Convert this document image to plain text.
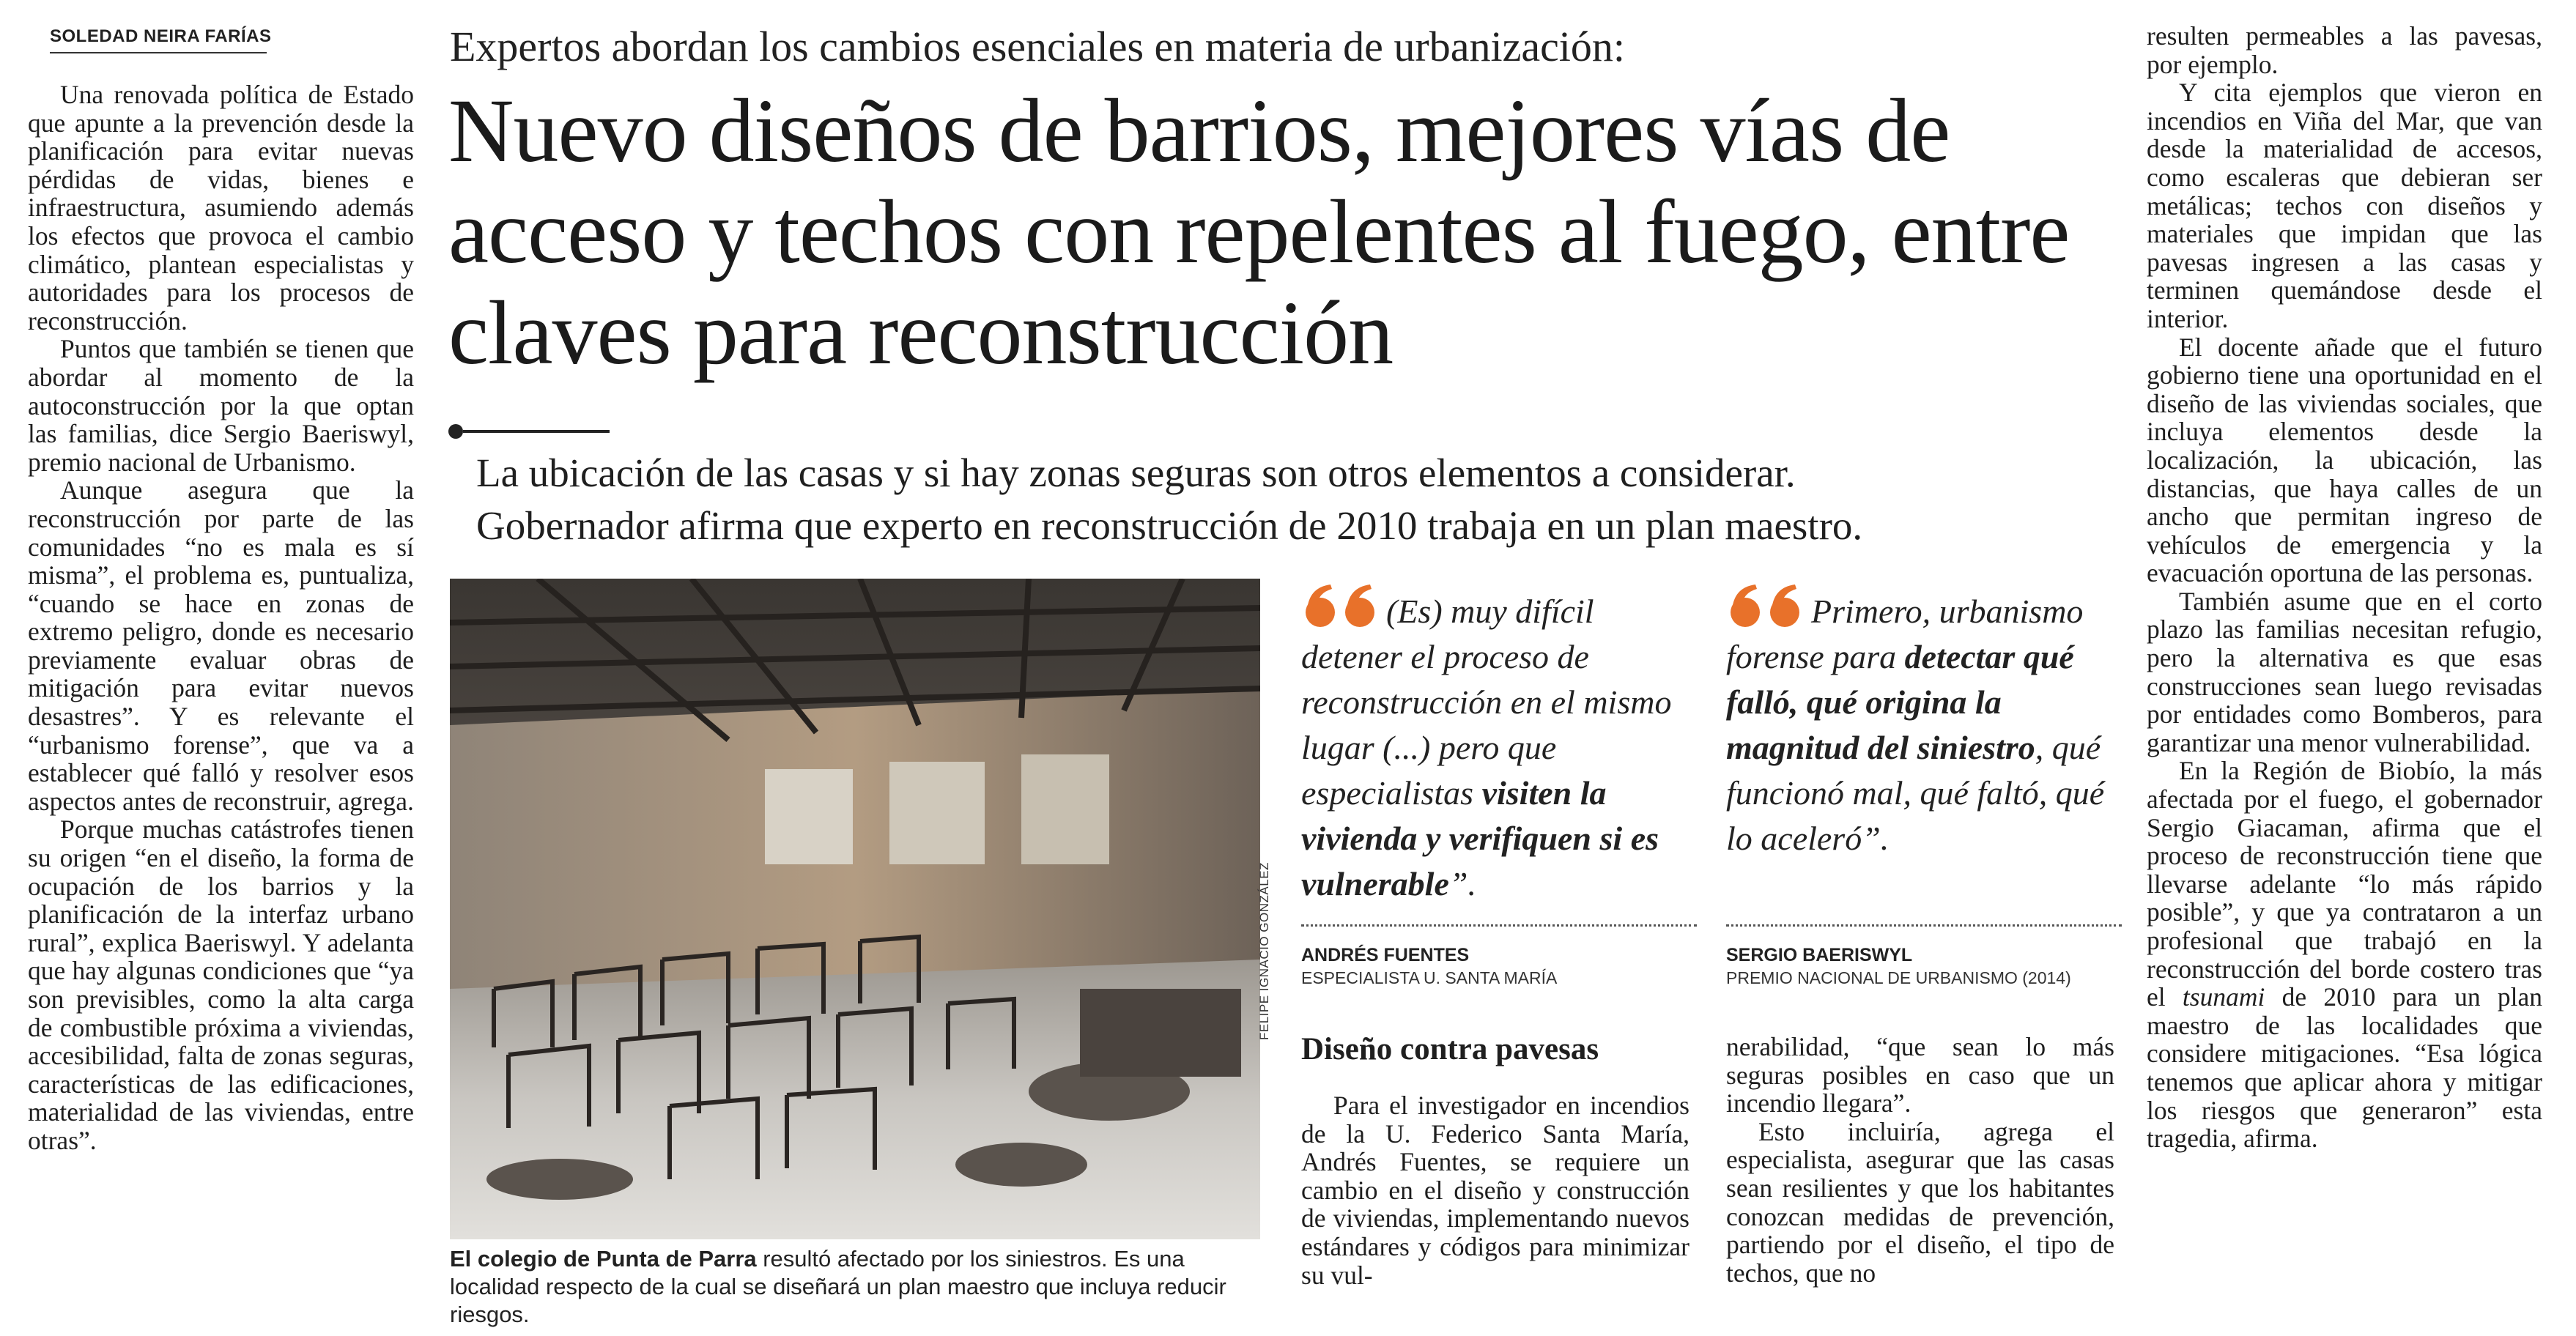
SOLEDAD NEIRA FARÍAS

Una renovada política de Estado que apunte a la prevención desde la planificación para evitar nuevas pérdidas de vidas, bienes e infraestructura, asumiendo además los efectos que provoca el cambio climático, plantean especialistas y autoridades para los procesos de reconstrucción.

Puntos que también se tienen que abordar al momento de la autoconstrucción por la que optan las familias, dice Sergio Baeriswyl, premio nacional de Urbanismo.

Aunque asegura que la reconstrucción por parte de las comunidades “no es mala es sí misma”, el problema es, puntualiza, “cuando se hace en zonas de extremo peligro, donde es necesario previamente evaluar obras de mitigación para evitar nuevos desastres”. Y es relevante el “urbanismo forense”, que va a establecer qué falló y resolver esos aspectos antes de reconstruir, agrega.

Porque muchas catástrofes tienen su origen “en el diseño, la forma de ocupación de los barrios y la planificación de la interfaz urbano rural”, explica Baeriswyl. Y adelanta que hay algunas condiciones que “ya son previsibles, como la alta carga de combustible próxima a viviendas, accesibilidad, falta de zonas seguras, características de las edificaciones, materialidad de las viviendas, entre otras”.

Expertos abordan los cambios esenciales en materia de urbanización:
Nuevo diseños de barrios, mejores vías de acceso y techos con repelentes al fuego, entre claves para reconstrucción
La ubicación de las casas y si hay zonas seguras son otros elementos a considerar.
Gobernador afirma que experto en reconstrucción de 2010 trabaja en un plan maestro.
FELIPE IGNACIO GONZÁLEZ
El colegio de Punta de Parra resultó afectado por los siniestros. Es una localidad respecto de la cual se diseñará un plan maestro que incluya reducir riesgos.
(Es) muy difícil detener el proceso de reconstrucción en el mismo lugar (...) pero que especialistas visiten la vivienda y verifiquen si es vulnerable”.
ANDRÉS FUENTES
ESPECIALISTA U. SANTA MARÍA
Primero, urbanismo forense para detectar qué falló, qué origina la magnitud del siniestro, qué funcionó mal, qué faltó, qué lo aceleró”.
SERGIO BAERISWYL
PREMIO NACIONAL DE URBANISMO (2014)
Diseño contra pavesas

Para el investigador en incendios de la U. Federico Santa María, Andrés Fuentes, se requiere un cambio en el diseño y construcción de viviendas, implementando nuevos estándares y códigos para minimizar su vul-

nerabilidad, “que sean lo más seguras posibles en caso que un incendio llegara”.

Esto incluiría, agrega el especialista, asegurar que las casas sean resilientes y que los habitantes conozcan medidas de prevención, partiendo por el diseño, el tipo de techos, que no

resulten permeables a las pavesas, por ejemplo.

Y cita ejemplos que vieron en incendios en Viña del Mar, que van desde la materialidad de accesos, como escaleras que debieran ser metálicas; techos con diseños y materiales que impidan que las pavesas ingresen a las casas y terminen quemándose desde el interior.

El docente añade que el futuro gobierno tiene una oportunidad en el diseño de las viviendas sociales, que incluya elementos desde la localización, la ubicación, las distancias, que haya calles de un ancho que permitan ingreso de vehículos de emergencia y la evacuación oportuna de las personas.

También asume que en el corto plazo las familias necesitan refugio, pero la alternativa es que esas construcciones sean luego revisadas por entidades como Bomberos, para garantizar una menor vulnerabilidad.

En la Región de Biobío, la más afectada por el fuego, el gobernador Sergio Giacaman, afirma que el proceso de reconstrucción tiene que llevarse adelante “lo más rápido posible”, y que ya contrataron a un profesional que trabajó en la reconstrucción del borde costero tras el tsunami de 2010 para un plan maestro de las localidades que considere mitigaciones. “Esa lógica tenemos que aplicar ahora y mitigar los riesgos que generaron” esta tragedia, afirma.
